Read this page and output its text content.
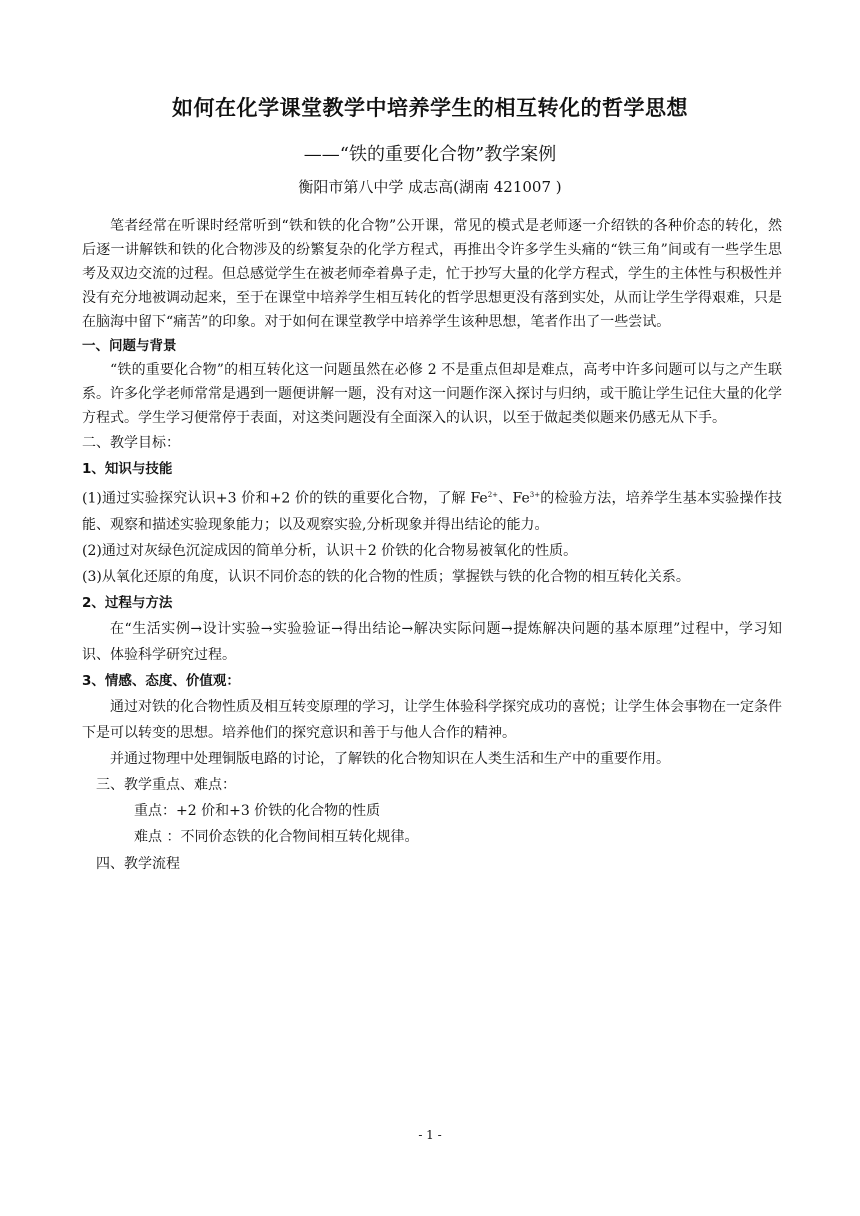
如何在化学课堂教学中培养学生的相互转化的哲学思想
——“铁的重要化合物”教学案例
衡阳市第八中学 成志高(湖南 421007 )

笔者经常在听课时经常听到“铁和铁的化合物”公开课，常见的模式是老师逐一介绍铁的各种价态的转化，然后逐一讲解铁和铁的化合物涉及的纷繁复杂的化学方程式，再推出令许多学生头痛的“铁三角”间或有一些学生思考及双边交流的过程。但总感觉学生在被老师牵着鼻子走，忙于抄写大量的化学方程式，学生的主体性与积极性并没有充分地被调动起来，至于在课堂中培养学生相互转化的哲学思想更没有落到实处，从而让学生学得艰难，只是在脑海中留下“痛苦”的印象。对于如何在课堂教学中培养学生该种思想，笔者作出了一些尝试。

一、问题与背景

“铁的重要化合物”的相互转化这一问题虽然在必修 2 不是重点但却是难点，高考中许多问题可以与之产生联系。许多化学老师常常是遇到一题便讲解一题，没有对这一问题作深入探讨与归纳，或干脆让学生记住大量的化学方程式。学生学习便常停于表面，对这类问题没有全面深入的认识，以至于做起类似题来仍感无从下手。

二、教学目标：

1、知识与技能

(1)通过实验探究认识+3 价和+2 价的铁的重要化合物，了解 $Fe^{2+}$、$Fe^{3+}$的检验方法，培养学生基本实验操作技能、观察和描述实验现象能力；以及观察实验,分析现象并得出结论的能力。

(2)通过对灰绿色沉淀成因的简单分析，认识＋2 价铁的化合物易被氧化的性质。

(3)从氧化还原的角度，认识不同价态的铁的化合物的性质；掌握铁与铁的化合物的相互转化关系。

2、过程与方法

在“生活实例→设计实验→实验验证→得出结论→解决实际问题→提炼解决问题的基本原理”过程中，学习知识、体验科学研究过程。

3、情感、态度、价值观：

通过对铁的化合物性质及相互转变原理的学习，让学生体验科学探究成功的喜悦；让学生体会事物在一定条件下是可以转变的思想。培养他们的探究意识和善于与他人合作的精神。

并通过物理中处理铜版电路的讨论，了解铁的化合物知识在人类生活和生产中的重要作用。

三、教学重点、难点：

重点：+2 价和+3 价铁的化合物的性质

难点 ：不同价态铁的化合物间相互转化规律。

四、教学流程

- 1 -
